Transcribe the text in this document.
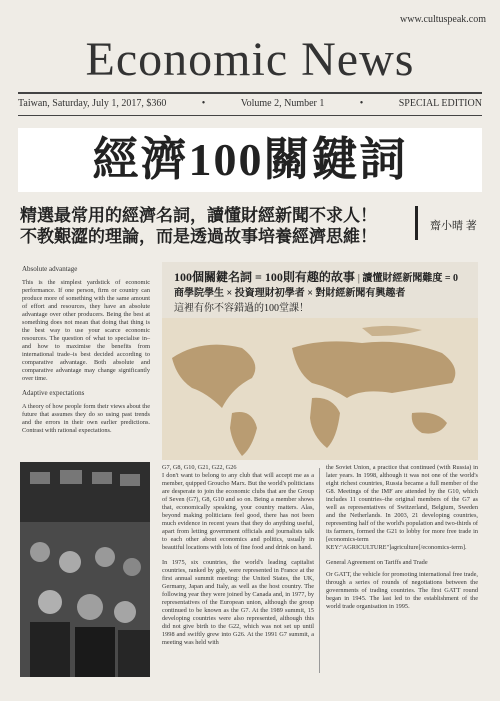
www.cultuspeak.com
Economic News
Taiwan, Saturday, July 1, 2017, $360	•	Volume 2, Number 1	•	SPECIAL EDITION
經濟100關鍵詞
精選最常用的經濟名詞，讀懂財經新聞不求人！
不教艱澀的理論，而是透過故事培養經濟思維！
齋小晴 著
Absolute advantage

This is the simplest yardstick of economic performance. If one person, firm or country can produce more of something with the same amount of effort and resources, they have an absolute advantage over other producers. Being the best at something does not mean that doing that thing is the best way to use your scarce economic resources. The question of what to specialise in–and how to maximise the benefits from international trade–is best decided according to comparative advantage. Both absolute and comparative advantage may change significantly over time.

Adaptive expectations

A theory of how people form their views about the future that assumes they do so using past trends and the errors in their own earlier predictions. Contrast with rational expectations.

100個關鍵名詞 = 100則有趣的故事 | 讀懂財經新聞難度 = 0
商學院學生 × 投資理財初學者 × 對財經新聞有興趣者
這裡有你不容錯過的100堂課！
G7, G8, G10, G21, G22, G26

I don't want to belong to any club that will accept me as a member, quipped Groucho Marx. But the world's politicians are desperate to join the economic clubs that are the Group of Seven (G7), G8, G10 and so on. Being a member shows that, economically speaking, your country matters. Alas, beyond making politicians feel good, there has not been much evidence in recent years that they do anything useful, apart from letting government officials and journalists talk to each other about economics and politics, usually in beautiful locations with lots of fine food and drink on hand.

In 1975, six countries, the world's leading capitalist countries, ranked by gdp, were represented in France at the first annual summit meeting: the United States, the UK, Germany, Japan and Italy, as well as the host country. The following year they were joined by Canada and, in 1977, by representatives of the European union, although the group continued to be known as the G7. At the 1989 summit, 15 developing countries were also represented, although this did not give birth to the G22, which was not set up until 1998 and swiftly grew into G26. At the 1991 G7 summit, a meeting was held with

the Soviet Union, a practice that continued (with Russia) in later years. In 1998, although it was not one of the world's eight richest countries, Russia became a full member of the G8. Meetings of the IMF are attended by the G10, which includes 11 countries–the original members of the G7 as well as representatives of Switzerland, Belgium, Sweden and the Netherlands. In 2003, 21 developing countries, representing half of the world's population and two-thirds of its farmers, formed the G21 to lobby for more free trade in [economics-term KEY:"AGRICULTURE"]agriculture[/economics-term].

General Agreement on Tariffs and Trade

Or GATT, the vehicle for promoting international free trade, through a series of rounds of negotiations between the governments of trading countries. The first GATT round began in 1945. The last led to the establishment of the world trade organisation in 1995.
